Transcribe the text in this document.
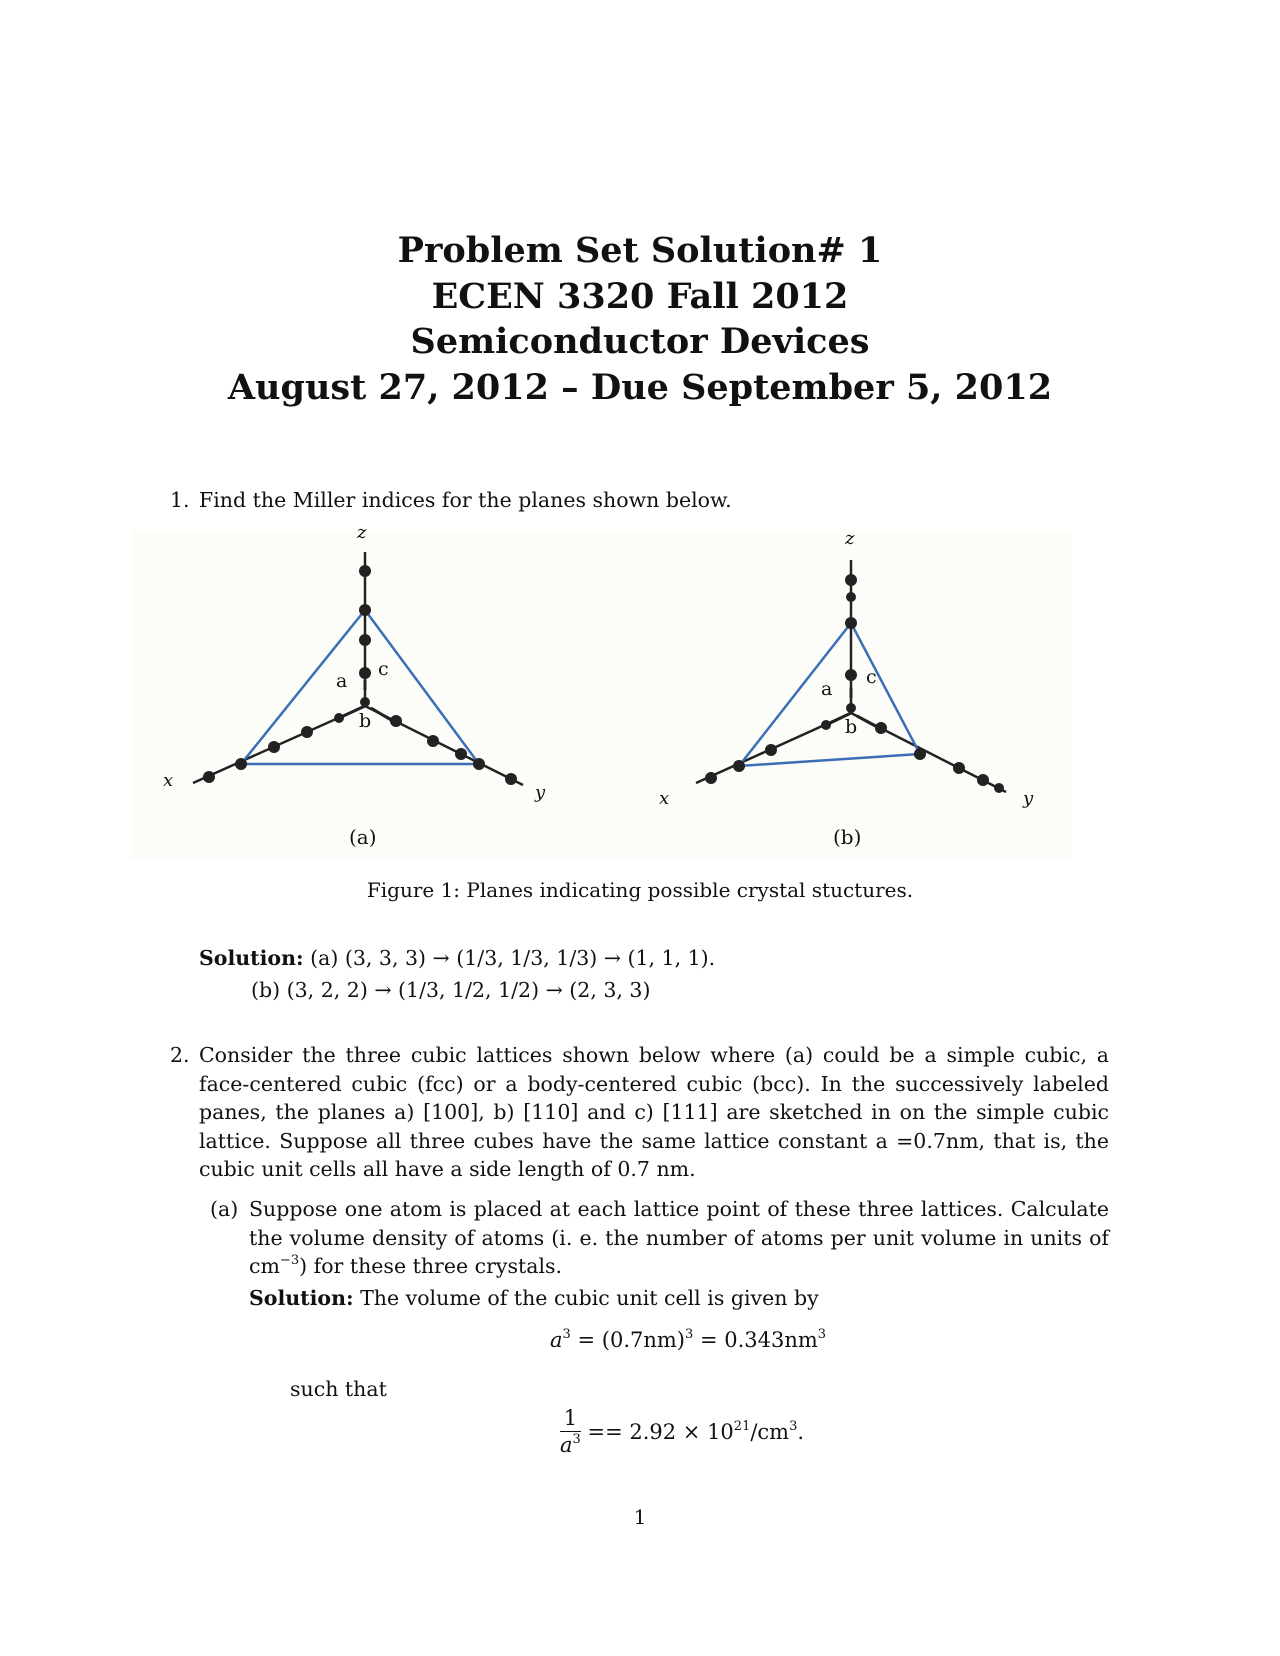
Problem Set Solution# 1
ECEN 3320 Fall 2012
Semiconductor Devices
August 27, 2012 – Due September 5, 2012
1. Find the Miller indices for the planes shown below.
z
x
y
a
c
b
(a)
z
x	y
a
c
b
(b)
Figure 1: Planes indicating possible crystal stuctures.
Solution: (a) (3, 3, 3) → (1/3, 1/3, 1/3) → (1, 1, 1).
(b) (3, 2, 2) → (1/3, 1/2, 1/2) → (2, 3, 3)
2. Consider the three cubic lattices shown below where (a) could be a simple cubic, a face-centered cubic (fcc) or a body-centered cubic (bcc). In the successively labeled panes, the planes a) [100], b) [110] and c) [111] are sketched in on the simple cubic lattice. Suppose all three cubes have the same lattice constant a =0.7nm, that is, the cubic unit cells all have a side length of 0.7 nm.
(a) Suppose one atom is placed at each lattice point of these three lattices. Calculate the volume density of atoms (i. e. the number of atoms per unit volume in units of $cm^{-3}$) for these three crystals.
Solution: The volume of the cubic unit cell is given by
$a^3 = (0.7nm)^3 = 0.343nm^3$
such that
$\frac{1}{a^3} == 2.92 \times 10^{21}/cm^3$.
1
